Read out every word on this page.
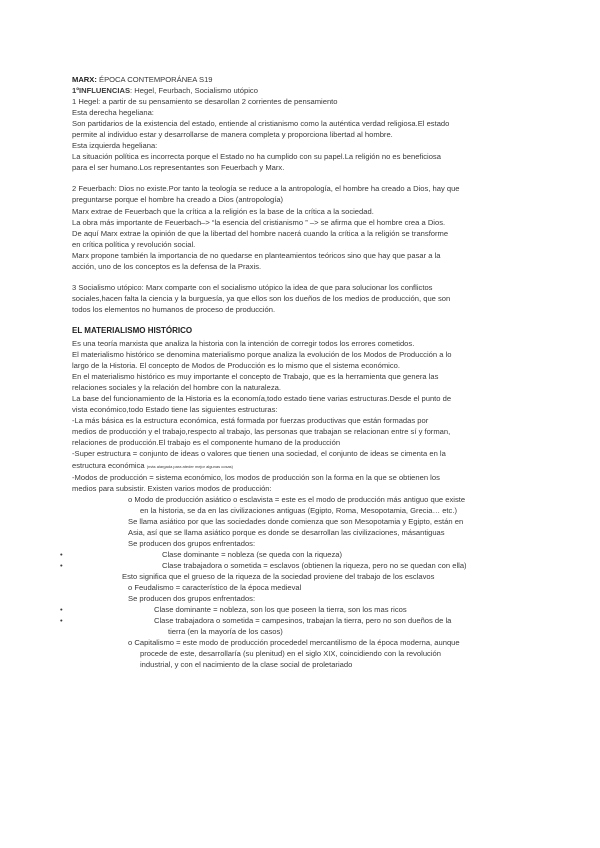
MARX: ÉPOCA CONTEMPORÁNEA S19

1ºINFLUENCIAS: Hegel, Feurbach, Socialismo utópico

1 Hegel: a partir de su pensamiento se desarollan 2 corrientes de pensamiento

Esta derecha hegeliana:

Son partidarios de la existencia del estado, entiende al cristianismo como la auténtica verdad religiosa.El estado

permite al individuo estar y desarrollarse de manera completa y proporciona libertad al hombre.

Esta izquierda hegeliana:

La situación política es incorrecta porque el Estado no ha cumplido con su papel.La religión no es beneficiosa

para el ser humano.Los representantes son Feuerbach y Marx.

2 Feuerbach: Dios no existe.Por tanto la teología se reduce a la antropología, el hombre ha creado a Dios, hay que

preguntarse porque el hombre ha creado a Dios (antropología)

Marx extrae de Feuerbach que la crítica a la religión es la base de la crítica a la sociedad.

La obra más importante de Feuerbach–> “la esencia del cristianismo ” –> se afirma que el hombre crea a Dios.

De aquí Marx extrae la opinión de que la libertad del hombre nacerá cuando la crítica a la religión se transforme

en crítica política y revolución social.

Marx propone también la importancia de no quedarse en planteamientos teóricos sino que hay que pasar a la

acción, uno de los conceptos es la defensa de la Praxis.

3 Socialismo utópico: Marx comparte con el socialismo utópico la idea de que para solucionar los conflictos

sociales,hacen falta la ciencia y la burguesía, ya que ellos son los dueños de los medios de producción, que son

todos los elementos no humanos de proceso de producción.

EL MATERIALISMO HISTÓRICO

Es una teoría marxista que analiza la historia con la intención de corregir todos los errores cometidos.

El materialismo histórico se denomina materialismo porque analiza la evolución de los Modos de Producción a lo

largo de la Historia. El concepto de Modos de Producción es lo mismo que el sistema económico.

En el materialismo histórico es muy importante el concepto de Trabajo, que es la herramienta que genera las

relaciones sociales y la relación del hombre con la naturaleza.

La base del funcionamiento de la Historia es la economía,todo estado tiene varias estructuras.Desde el punto de

vista económico,todo Estado tiene las siguientes estructuras:

-La más básica es la estructura económica, está formada por fuerzas productivas que están formadas por

medios de producción y el trabajo,respecto al trabajo, las personas que trabajan se relacionan entre sí y forman,

relaciones de producción.El trabajo es el componente humano de la producción

-Super estructura = conjunto de ideas o valores que tienen una sociedad, el conjunto de ideas se cimenta en la

estructura económica (más alargada para ateder mejor algunas cosas)

-Modos de producción = sistema económico, los modos de producción son la forma en la que se obtienen los

medios para subsistir. Existen varios modos de producción:

o Modo de producción asiático o esclavista = este es el modo de producción más antiguo que existe

en la historia, se da en las civilizaciones antiguas (Egipto, Roma, Mesopotamia, Grecia… etc.)

Se llama asiático por que las sociedades donde comienza que son Mesopotamia y Egipto, están en

Asia, así que se llama asiático porque es donde se desarrollan las civilizaciones, másantiguas

Se producen dos grupos enfrentados:

•	Clase dominante = nobleza (se queda con la riqueza)

•	Clase trabajadora o sometida = esclavos (obtienen la riqueza, pero no se quedan con ella)

Esto significa que el grueso de la riqueza de la sociedad proviene del trabajo de los esclavos

o Feudalismo = característico de la época medieval

Se producen dos grupos enfrentados:

•	Clase dominante = nobleza, son los que poseen la tierra, son los mas ricos

•	Clase trabajadora o sometida = campesinos, trabajan la tierra, pero no son dueños de la

tierra (en la mayoría de los casos)

o Capitalismo = este modo de producción procededel mercantilismo de la época moderna, aunque

procede de este, desarrollaría (su plenitud) en el siglo XIX, coincidiendo con la revolución

industrial, y con el nacimiento de la clase social de proletariado
